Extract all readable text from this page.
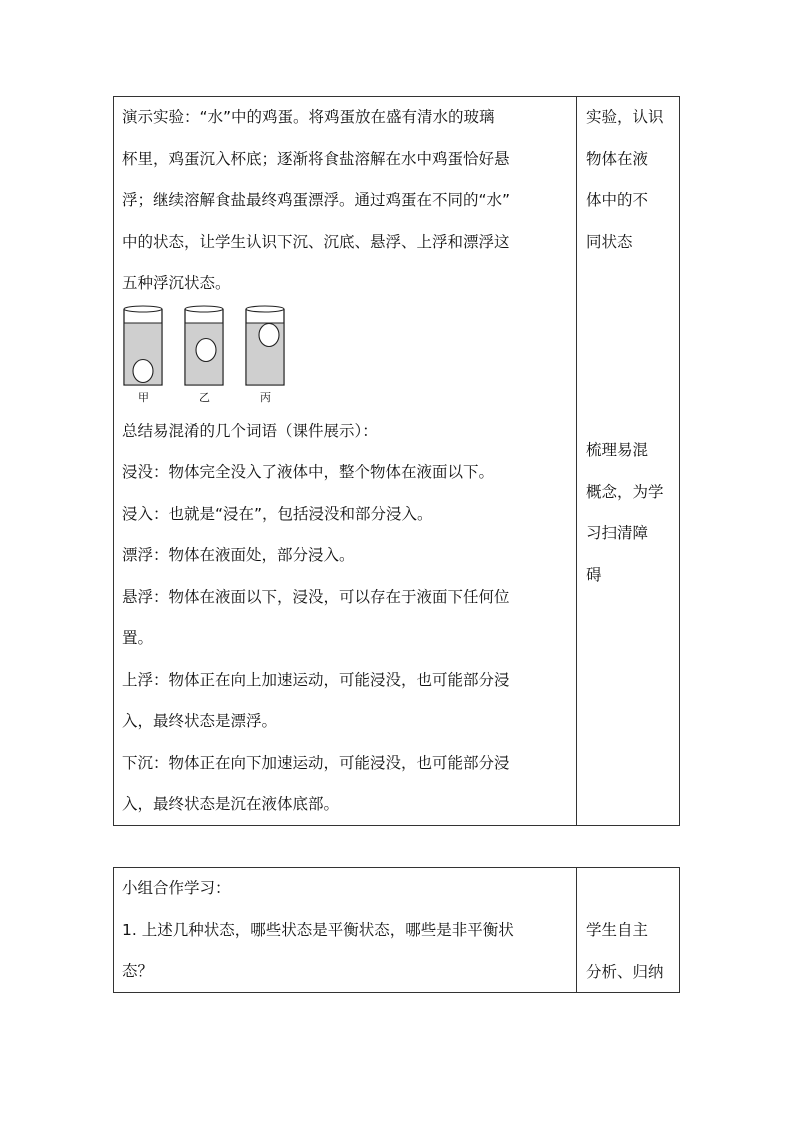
演示实验：“水”中的鸡蛋。将鸡蛋放在盛有清水的玻璃

杯里，鸡蛋沉入杯底；逐渐将食盐溶解在水中鸡蛋恰好悬

浮；继续溶解食盐最终鸡蛋漂浮。通过鸡蛋在不同的“水”

中的状态，让学生认识下沉、沉底、悬浮、上浮和漂浮这

五种浮沉状态。

甲	乙	丙

总结易混淆的几个词语（课件展示）：

浸没：物体完全没入了液体中，整个物体在液面以下。

浸入：也就是“浸在”，包括浸没和部分浸入。

漂浮：物体在液面处，部分浸入。

悬浮：物体在液面以下，浸没，可以存在于液面下任何位

置。

上浮：物体正在向上加速运动，可能浸没，也可能部分浸

入，最终状态是漂浮。

下沉：物体正在向下加速运动，可能浸没，也可能部分浸

入，最终状态是沉在液体底部。

实验，认识

物体在液

体中的不

同状态

梳理易混

概念，为学

习扫清障

碍

小组合作学习：

1. 上述几种状态，哪些状态是平衡状态，哪些是非平衡状

态？

学生自主

分析、归纳
